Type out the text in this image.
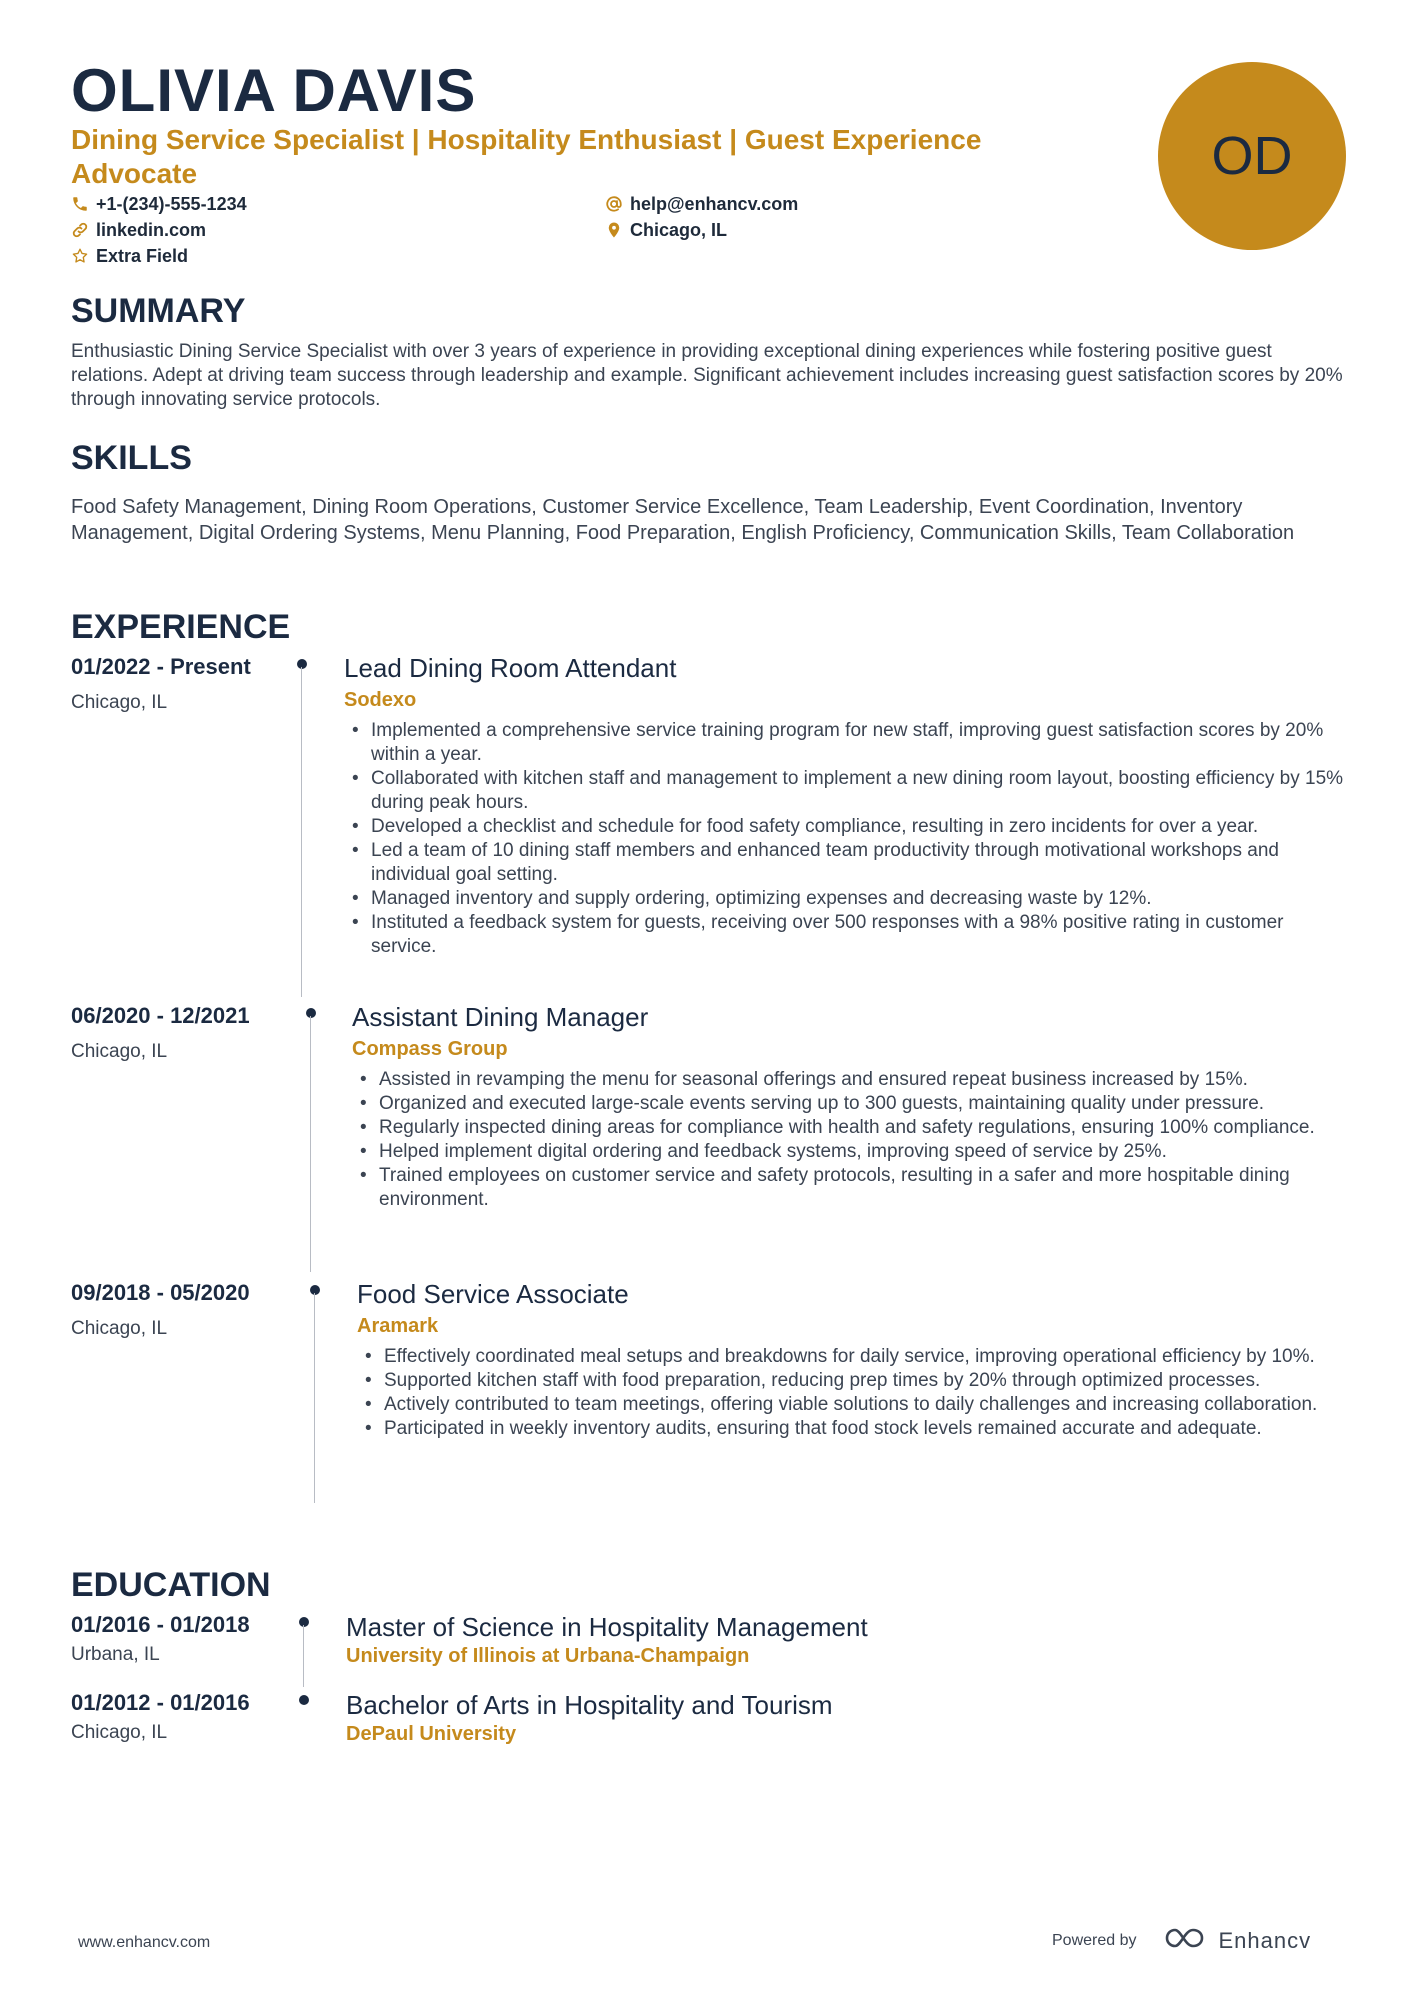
OLIVIA DAVIS
Dining Service Specialist | Hospitality Enthusiast | Guest Experience Advocate
+1-(234)-555-1234	help@enhancv.com
linkedin.com	Chicago, IL
Extra Field
OD
SUMMARY
Enthusiastic Dining Service Specialist with over 3 years of experience in providing exceptional dining experiences while fostering positive guest relations. Adept at driving team success through leadership and example. Significant achievement includes increasing guest satisfaction scores by 20% through innovating service protocols.
SKILLS
Food Safety Management, Dining Room Operations, Customer Service Excellence, Team Leadership, Event Coordination, Inventory Management, Digital Ordering Systems, Menu Planning, Food Preparation, English Proficiency, Communication Skills, Team Collaboration
EXPERIENCE
01/2022 - Present
Chicago, IL
Lead Dining Room Attendant
Sodexo
• Implemented a comprehensive service training program for new staff, improving guest satisfaction scores by 20% within a year.
• Collaborated with kitchen staff and management to implement a new dining room layout, boosting efficiency by 15% during peak hours.
• Developed a checklist and schedule for food safety compliance, resulting in zero incidents for over a year.
• Led a team of 10 dining staff members and enhanced team productivity through motivational workshops and individual goal setting.
• Managed inventory and supply ordering, optimizing expenses and decreasing waste by 12%.
• Instituted a feedback system for guests, receiving over 500 responses with a 98% positive rating in customer service.
06/2020 - 12/2021
Chicago, IL
Assistant Dining Manager
Compass Group
• Assisted in revamping the menu for seasonal offerings and ensured repeat business increased by 15%.
• Organized and executed large-scale events serving up to 300 guests, maintaining quality under pressure.
• Regularly inspected dining areas for compliance with health and safety regulations, ensuring 100% compliance.
• Helped implement digital ordering and feedback systems, improving speed of service by 25%.
• Trained employees on customer service and safety protocols, resulting in a safer and more hospitable dining environment.
09/2018 - 05/2020
Chicago, IL
Food Service Associate
Aramark
• Effectively coordinated meal setups and breakdowns for daily service, improving operational efficiency by 10%.
• Supported kitchen staff with food preparation, reducing prep times by 20% through optimized processes.
• Actively contributed to team meetings, offering viable solutions to daily challenges and increasing collaboration.
• Participated in weekly inventory audits, ensuring that food stock levels remained accurate and adequate.
EDUCATION
01/2016 - 01/2018
Urbana, IL
Master of Science in Hospitality Management
University of Illinois at Urbana-Champaign
01/2012 - 01/2016
Chicago, IL
Bachelor of Arts in Hospitality and Tourism
DePaul University
www.enhancv.com	Powered by	Enhancv
